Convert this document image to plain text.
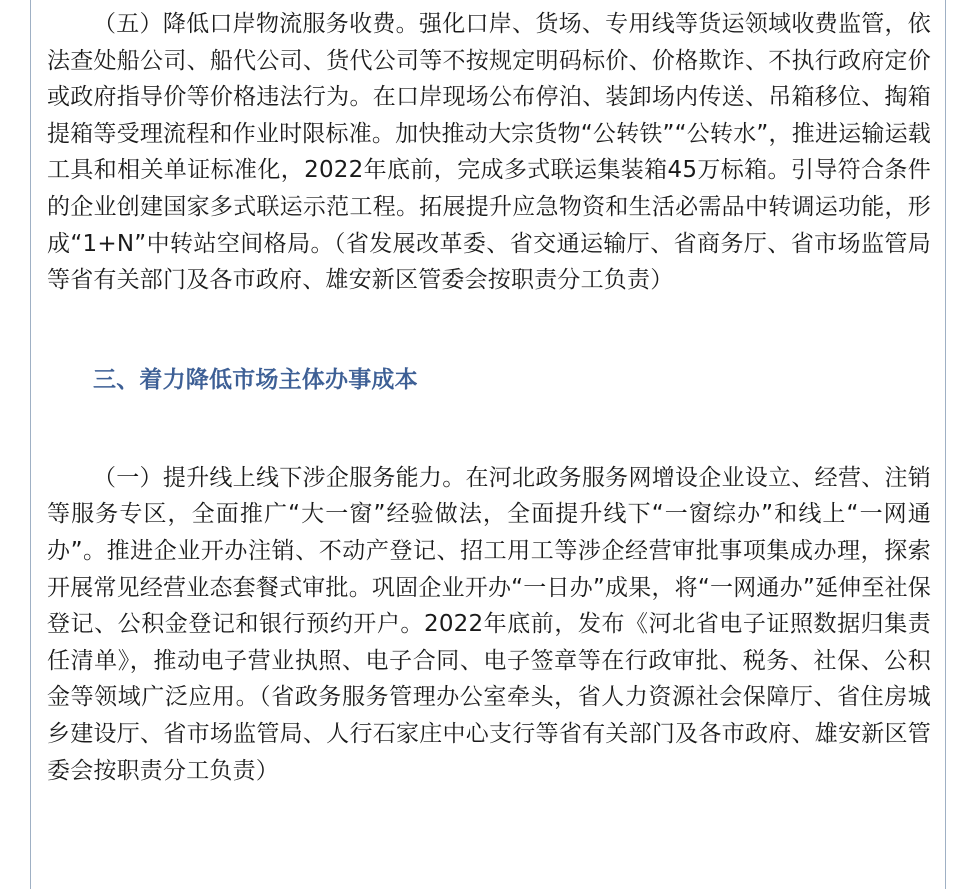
（五）降低口岸物流服务收费。强化口岸、货场、专用线等货运领域收费监管，依法查处船公司、船代公司、货代公司等不按规定明码标价、价格欺诈、不执行政府定价或政府指导价等价格违法行为。在口岸现场公布停泊、装卸场内传送、吊箱移位、掏箱提箱等受理流程和作业时限标准。加快推动大宗货物“公转铁”“公转水”，推进运输运载工具和相关单证标准化，2022年底前，完成多式联运集装箱45万标箱。引导符合条件的企业创建国家多式联运示范工程。拓展提升应急物资和生活必需品中转调运功能，形成“1+N”中转站空间格局。（省发展改革委、省交通运输厅、省商务厅、省市场监管局等省有关部门及各市政府、雄安新区管委会按职责分工负责）

三、着力降低市场主体办事成本

（一）提升线上线下涉企服务能力。在河北政务服务网增设企业设立、经营、注销等服务专区，全面推广“大一窗”经验做法，全面提升线下“一窗综办”和线上“一网通办”。推进企业开办注销、不动产登记、招工用工等涉企经营审批事项集成办理，探索开展常见经营业态套餐式审批。巩固企业开办“一日办”成果，将“一网通办”延伸至社保登记、公积金登记和银行预约开户。2022年底前，发布《河北省电子证照数据归集责任清单》，推动电子营业执照、电子合同、电子签章等在行政审批、税务、社保、公积金等领域广泛应用。（省政务服务管理办公室牵头，省人力资源社会保障厅、省住房城乡建设厅、省市场监管局、人行石家庄中心支行等省有关部门及各市政府、雄安新区管委会按职责分工负责）
